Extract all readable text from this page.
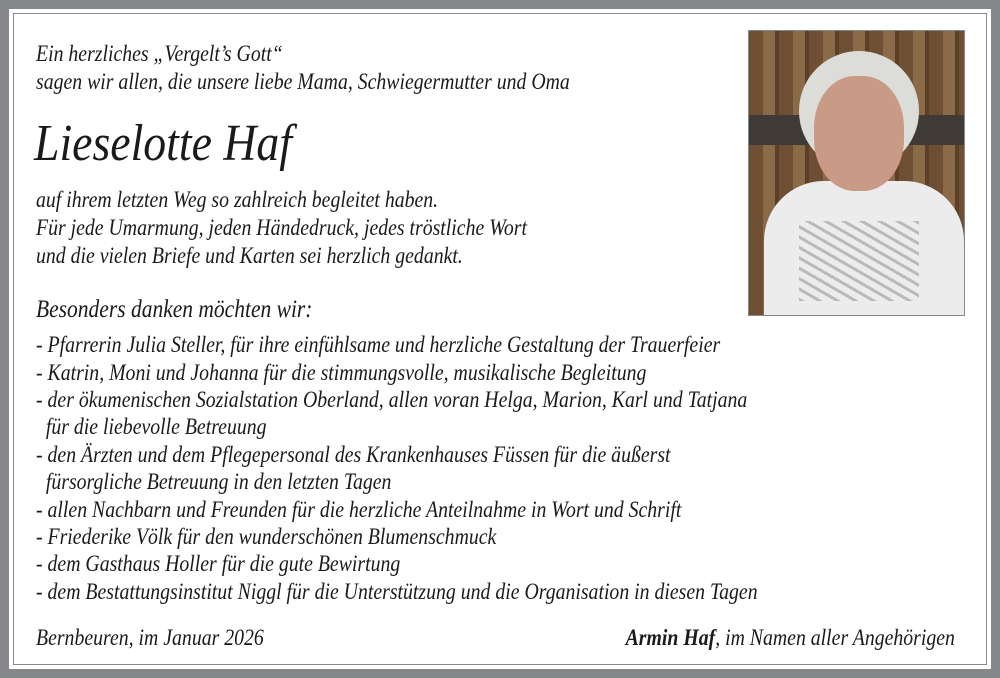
Ein herzliches „Vergelt’s Gott“
sagen wir allen, die unsere liebe Mama, Schwiegermutter und Oma
Lieselotte Haf
auf ihrem letzten Weg so zahlreich begleitet haben.
Für jede Umarmung, jeden Händedruck, jedes tröstliche Wort
und die vielen Briefe und Karten sei herzlich gedankt.
Besonders danken möchten wir:
- Pfarrerin Julia Steller, für ihre einfühlsame und herzliche Gestaltung der Trauerfeier
- Katrin, Moni und Johanna für die stimmungsvolle, musikalische Begleitung
- der ökumenischen Sozialstation Oberland, allen voran Helga, Marion, Karl und Tatjana
für die liebevolle Betreuung
- den Ärzten und dem Pflegepersonal des Krankenhauses Füssen für die äußerst
fürsorgliche Betreuung in den letzten Tagen
- allen Nachbarn und Freunden für die herzliche Anteilnahme in Wort und Schrift
- Friederike Völk für den wunderschönen Blumenschmuck
- dem Gasthaus Holler für die gute Bewirtung
- dem Bestattungsinstitut Niggl für die Unterstützung und die Organisation in diesen Tagen
Bernbeuren, im Januar 2026	Armin Haf, im Namen aller Angehörigen
